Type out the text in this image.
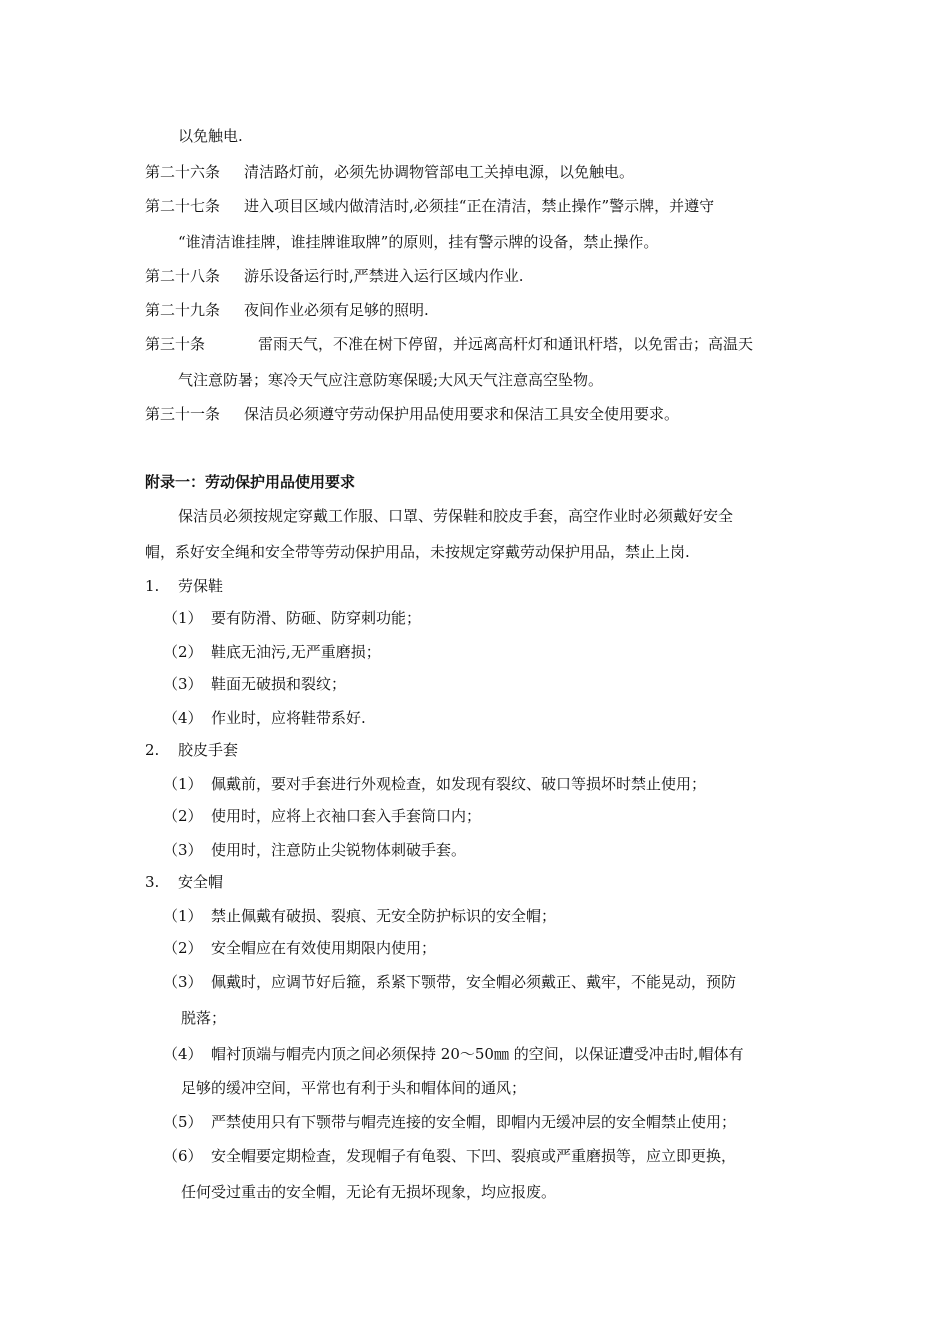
以免触电.
第二十六条 清洁路灯前，必须先协调物管部电工关掉电源，以免触电。
第二十七条 进入项目区域内做清洁时,必须挂“正在清洁，禁止操作”警示牌，并遵守
“谁清洁谁挂牌，谁挂牌谁取牌”的原则，挂有警示牌的设备，禁止操作。
第二十八条 游乐设备运行时,严禁进入运行区域内作业.
第二十九条 夜间作业必须有足够的照明.
第三十条	雷雨天气，不准在树下停留，并远离高杆灯和通讯杆塔，以免雷击；高温天
气注意防暑；寒冷天气应注意防寒保暖;大风天气注意高空坠物。
第三十一条 保洁员必须遵守劳动保护用品使用要求和保洁工具安全使用要求。
附录一：劳动保护用品使用要求
保洁员必须按规定穿戴工作服、口罩、劳保鞋和胶皮手套，高空作业时必须戴好安全
帽，系好安全绳和安全带等劳动保护用品，未按规定穿戴劳动保护用品，禁止上岗.
1. 劳保鞋
（1） 要有防滑、防砸、防穿刺功能；
（2） 鞋底无油污,无严重磨损；
（3） 鞋面无破损和裂纹；
（4） 作业时，应将鞋带系好.
2. 胶皮手套
（1） 佩戴前，要对手套进行外观检查，如发现有裂纹、破口等损坏时禁止使用；
（2） 使用时，应将上衣袖口套入手套筒口内；
（3） 使用时，注意防止尖锐物体刺破手套。
3. 安全帽
（1） 禁止佩戴有破损、裂痕、无安全防护标识的安全帽；
（2） 安全帽应在有效使用期限内使用；
（3） 佩戴时，应调节好后箍，系紧下颚带，安全帽必须戴正、戴牢，不能晃动，预防
脱落；
（4） 帽衬顶端与帽壳内顶之间必须保持 20～50㎜ 的空间，以保证遭受冲击时,帽体有
足够的缓冲空间，平常也有利于头和帽体间的通风；
（5） 严禁使用只有下颚带与帽壳连接的安全帽，即帽内无缓冲层的安全帽禁止使用；
（6） 安全帽要定期检查，发现帽子有龟裂、下凹、裂痕或严重磨损等，应立即更换，
任何受过重击的安全帽，无论有无损坏现象，均应报废。
